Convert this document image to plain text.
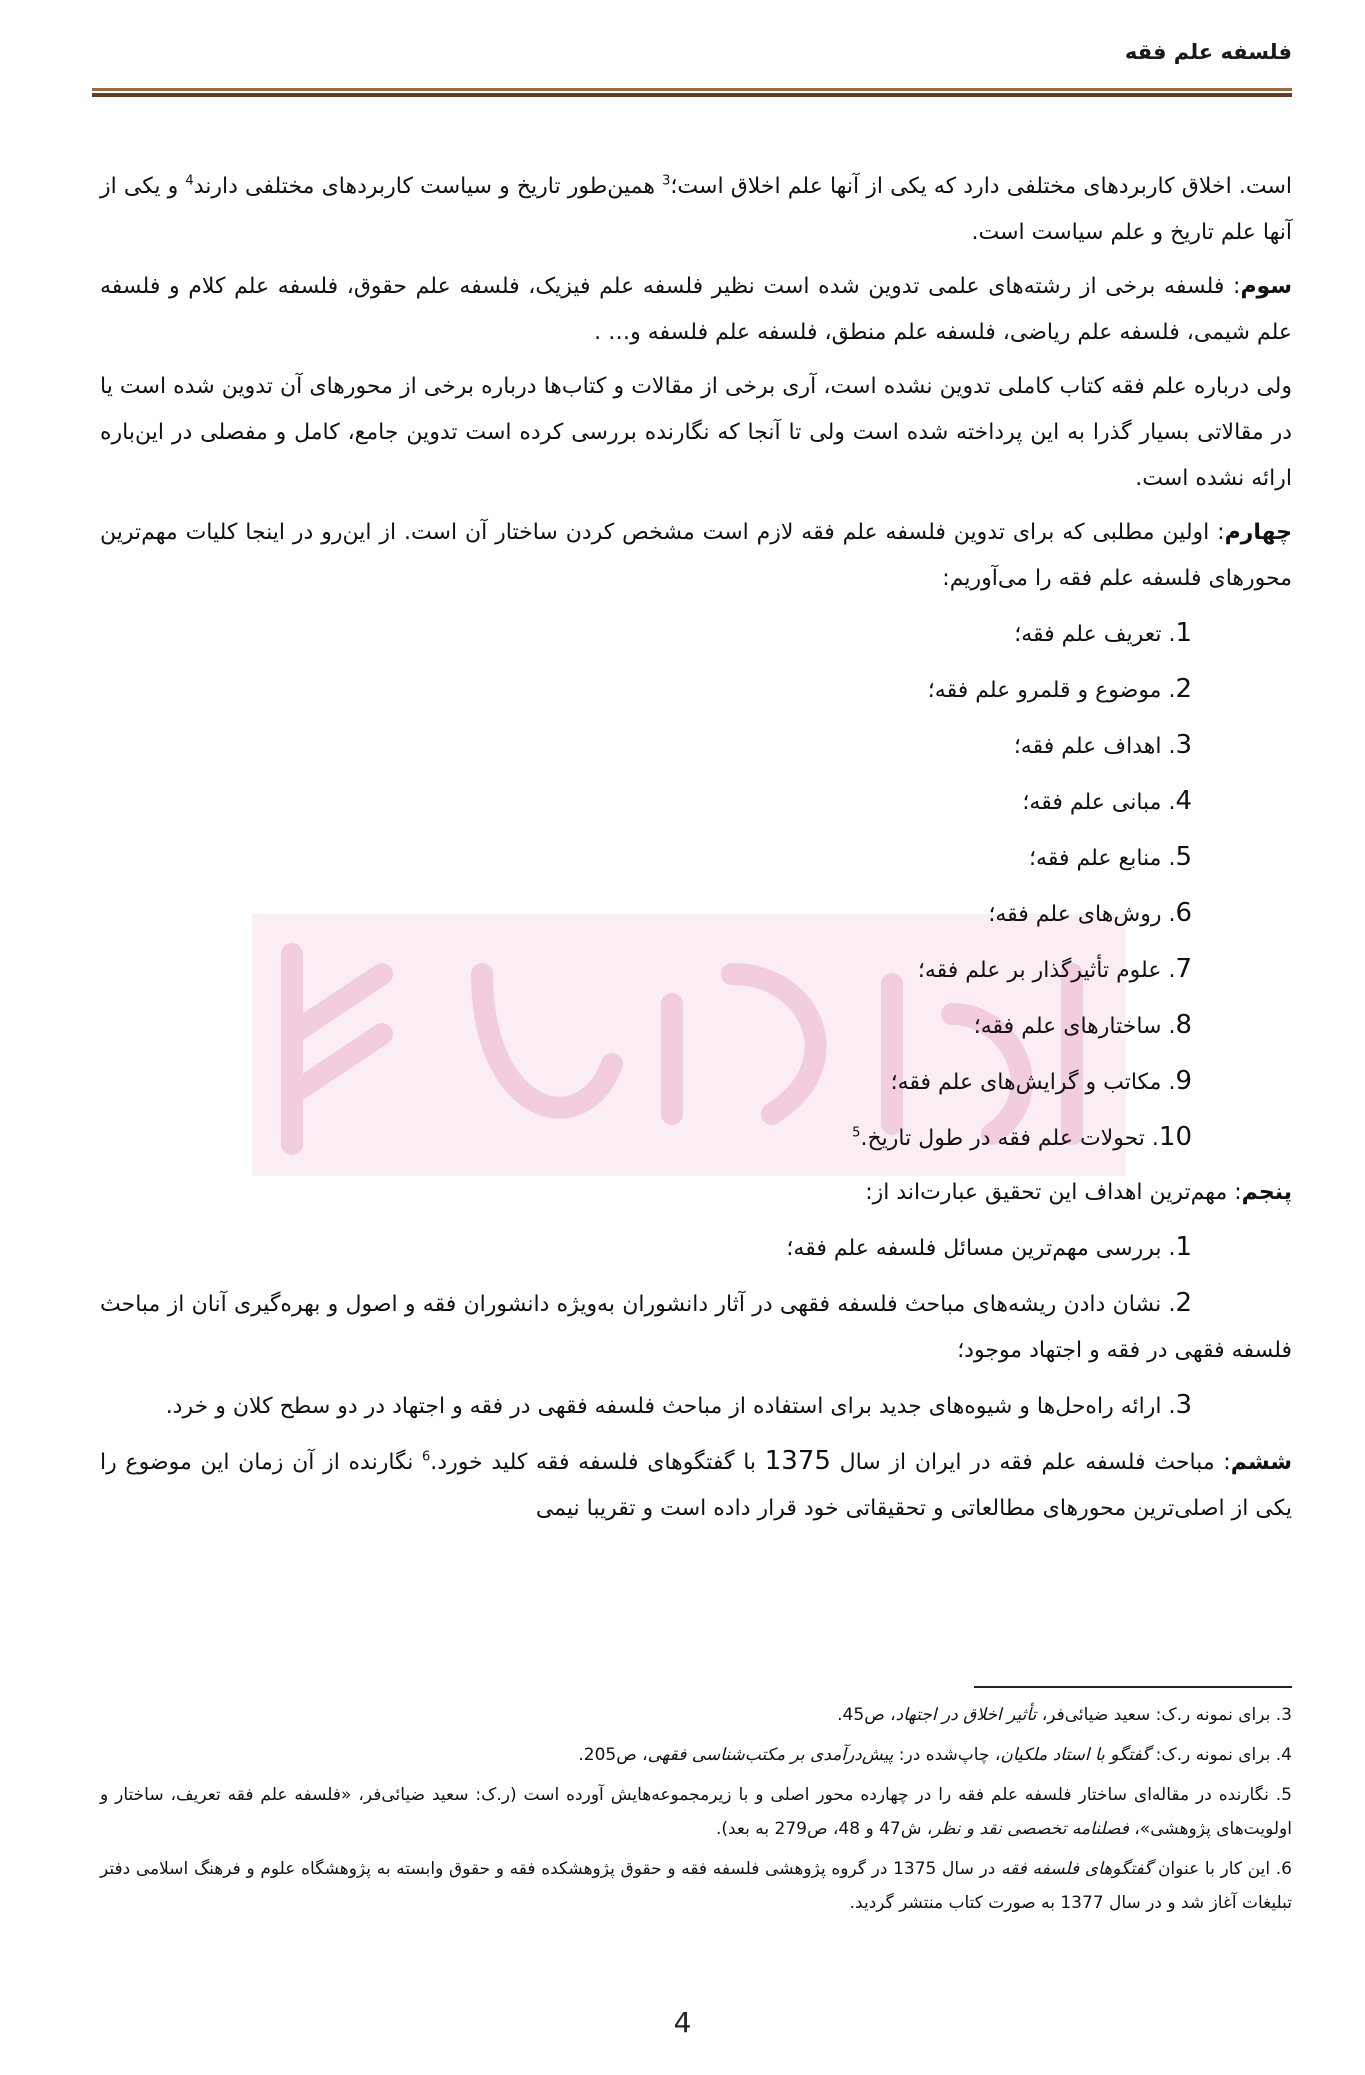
فلسفه علم فقه

است. اخلاق کاربردهای مختلفی دارد که یکی از آنها علم اخلاق است؛$^3$ همین‌طور تاریخ و سیاست کاربردهای مختلفی دارند$^4$ و یکی از آنها علم تاریخ و علم سیاست است.

سوم: فلسفه برخی از رشته‌های علمی تدوین شده است نظیر فلسفه علم فیزیک، فلسفه علم حقوق، فلسفه علم کلام و فلسفه علم شیمی، فلسفه علم ریاضی، فلسفه علم منطق، فلسفه علم فلسفه و… .

ولی درباره علم فقه کتاب کاملی تدوین نشده است، آری برخی از مقالات و کتاب‌ها درباره برخی از محورهای آن تدوین شده است یا در مقالاتی بسیار گذرا به این پرداخته شده است ولی تا آنجا که نگارنده بررسی کرده است تدوین جامع، کامل و مفصلی در این‌باره ارائه نشده است.

چهارم: اولین مطلبی که برای تدوین فلسفه علم فقه لازم است مشخص کردن ساختار آن است. از این‌رو در اینجا کلیات مهم‌ترین محورهای فلسفه علم فقه را می‌آوریم:

1. تعریف علم فقه؛
2. موضوع و قلمرو علم فقه؛
3. اهداف علم فقه؛
4. مبانی علم فقه؛
5. منابع علم فقه؛
6. روش‌های علم فقه؛
7. علوم تأثیرگذار بر علم فقه؛
8. ساختارهای علم فقه؛
9. مکاتب و گرایش‌های علم فقه؛
10. تحولات علم فقه در طول تاریخ.$^5$

پنجم: مهم‌ترین اهداف این تحقیق عبارت‌اند از:

1. بررسی مهم‌ترین مسائل فلسفه علم فقه؛
2. نشان دادن ریشه‌های مباحث فلسفه فقهی در آثار دانشوران به‌ویژه دانشوران فقه و اصول و بهره‌گیری آنان از مباحث فلسفه فقهی در فقه و اجتهاد موجود؛
3. ارائه راه‌حل‌ها و شیوه‌های جدید برای استفاده از مباحث فلسفه فقهی در فقه و اجتهاد در دو سطح کلان و خرد.

ششم: مباحث فلسفه علم فقه در ایران از سال 1375 با گفتگوهای فلسفه فقه کلید خورد.$^6$ نگارنده از آن زمان این موضوع را یکی از اصلی‌ترین محورهای مطالعاتی و تحقیقاتی خود قرار داده است و تقریبا نیمی

3. برای نمونه ر.ک: سعید ضیائی‌فر، تأثیر اخلاق در اجتهاد، ص45.

4. برای نمونه ر.ک: گفتگو با استاد ملکیان، چاپ‌شده در: پیش‌درآمدی بر مکتب‌شناسی فقهی، ص205.

5. نگارنده در مقاله‌ای ساختار فلسفه علم فقه را در چهارده محور اصلی و با زیرمجموعه‌هایش آورده است (ر.ک: سعید ضیائی‌فر، «فلسفه علم فقه تعریف، ساختار و اولویت‌های پژوهشی»، فصلنامه تخصصی نقد و نظر، ش47 و 48، ص279 به بعد).

6. این کار با عنوان گفتگوهای فلسفه فقه در سال 1375 در گروه پژوهشی فلسفه فقه و حقوق پژوهشکده فقه و حقوق وابسته به پژوهشگاه علوم و فرهنگ اسلامی دفتر تبلیغات آغاز شد و در سال 1377 به صورت کتاب منتشر گردید.

4
